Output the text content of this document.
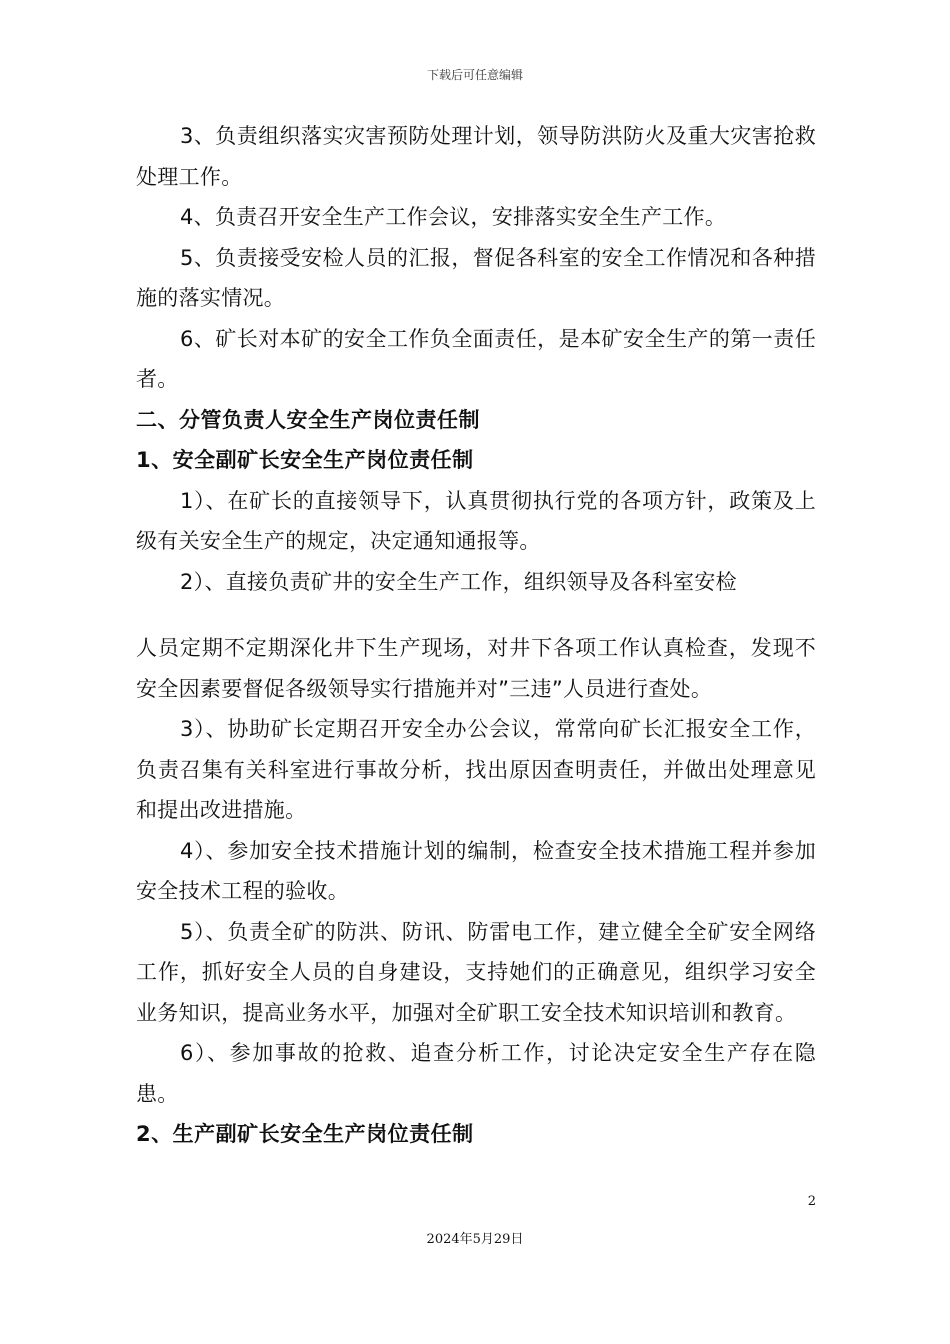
下载后可任意编辑

3、负责组织落实灾害预防处理计划，领导防洪防火及重大灾害抢救处理工作。

4、负责召开安全生产工作会议，安排落实安全生产工作。

5、负责接受安检人员的汇报，督促各科室的安全工作情况和各种措施的落实情况。

6、矿长对本矿的安全工作负全面责任，是本矿安全生产的第一责任者。

二、分管负责人安全生产岗位责任制

1、安全副矿长安全生产岗位责任制

1）、在矿长的直接领导下，认真贯彻执行党的各项方针，政策及上级有关安全生产的规定，决定通知通报等。

2）、直接负责矿井的安全生产工作，组织领导及各科室安检

人员定期不定期深化井下生产现场，对井下各项工作认真检查，发现不安全因素要督促各级领导实行措施并对”三违”人员进行查处。

3）、协助矿长定期召开安全办公会议，常常向矿长汇报安全工作，负责召集有关科室进行事故分析，找出原因查明责任，并做出处理意见和提出改进措施。

4）、参加安全技术措施计划的编制，检查安全技术措施工程并参加安全技术工程的验收。

5）、负责全矿的防洪、防讯、防雷电工作，建立健全全矿安全网络工作，抓好安全人员的自身建设，支持她们的正确意见，组织学习安全业务知识，提高业务水平，加强对全矿职工安全技术知识培训和教育。

6）、参加事故的抢救、追查分析工作，讨论决定安全生产存在隐患。

2、生产副矿长安全生产岗位责任制

2
2024年5月29日
